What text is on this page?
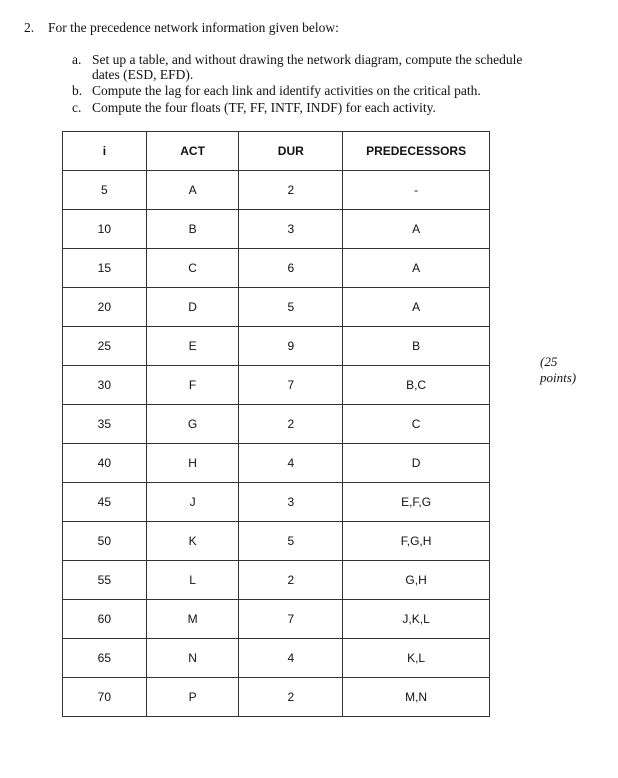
2. For the precedence network information given below:
a. Set up a table, and without drawing the network diagram, compute the schedule
dates (ESD, EFD).
b. Compute the lag for each link and identify activities on the critical path.
c. Compute the four floats (TF, FF, INTF, INDF) for each activity.
i	ACT	DUR	PREDECESSORS
5	A	2	-
10	B	3	A
15	C	6	A
20	D	5	A
25	E	9	B
30	F	7	B,C
35	G	2	C
40	H	4	D
45	J	3	E,F,G
50	K	5	F,G,H
55	L	2	G,H
60	M	7	J,K,L
65	N	4	K,L
70	P	2	M,N
(25
points)
